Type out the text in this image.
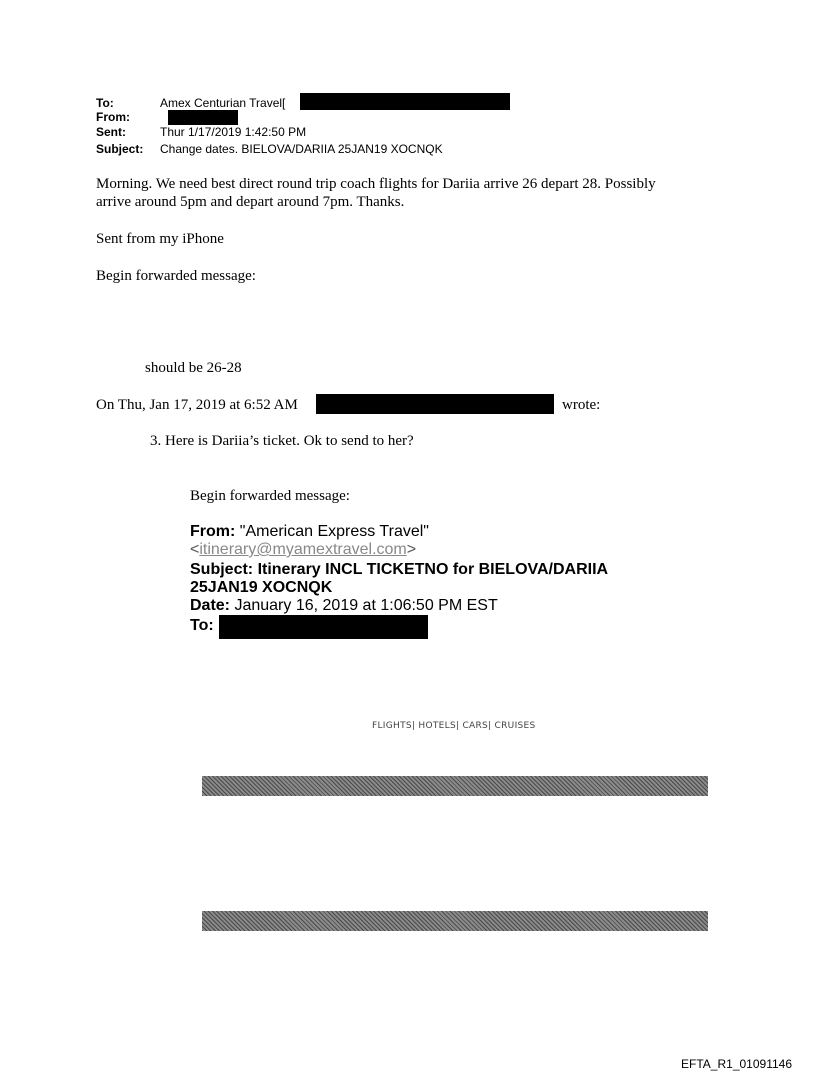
To:	Amex Centurian Travel[
From:
Sent:	Thur 1/17/2019 1:42:50 PM
Subject: Change dates. BIELOVA/DARIIA 25JAN19 XOCNQK
Morning. We need best direct round trip coach flights for Dariia arrive 26 depart 28. Possibly
arrive around 5pm and depart around 7pm. Thanks.
Sent from my iPhone
Begin forwarded message:
should be 26-28
On Thu, Jan 17, 2019 at 6:52 AM	wrote:
3. Here is Dariia’s ticket. Ok to send to her?
Begin forwarded message:
From: "American Express Travel"
<itinerary@myamextravel.com>
Subject: Itinerary INCL TICKETNO for BIELOVA/DARIIA
25JAN19 XOCNQK
Date: January 16, 2019 at 1:06:50 PM EST
To:
FLIGHTS| HOTELS| CARS| CRUISES
EFTA_R1_01091146
